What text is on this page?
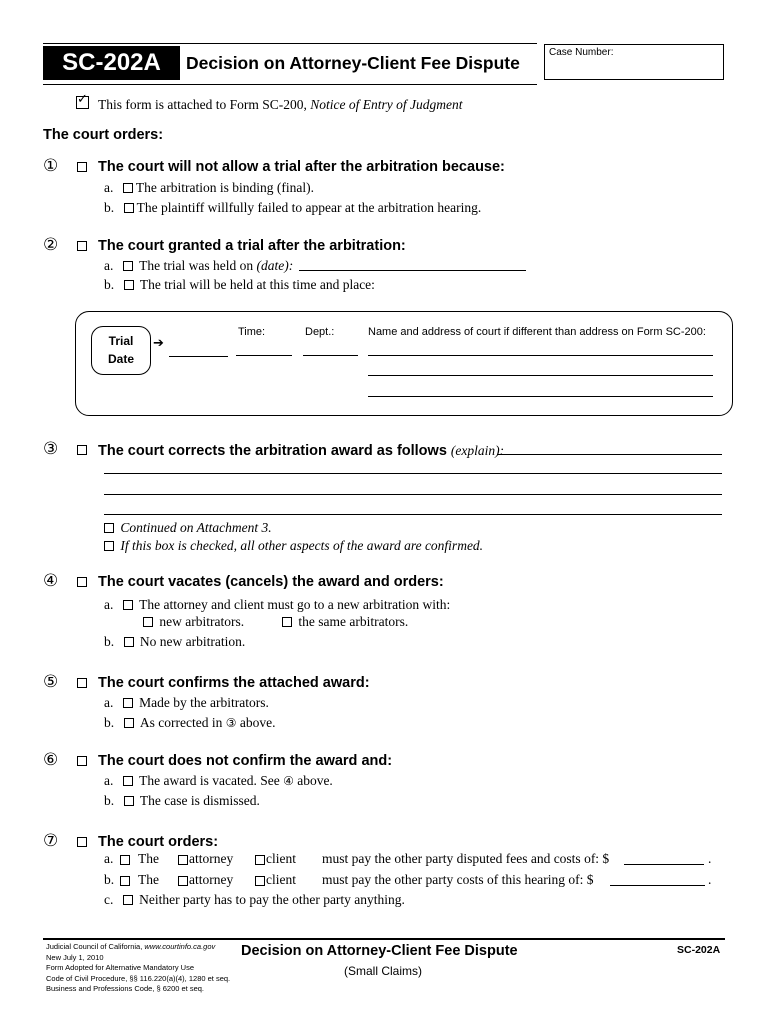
SC-202A	Decision on Attorney-Client Fee Dispute
Case Number:
✓ This form is attached to Form SC-200, Notice of Entry of Judgment
The court orders:
①	The court will not allow a trial after the arbitration because:
a. The arbitration is binding (final).
b. The plaintiff willfully failed to appear at the arbitration hearing.
②	The court granted a trial after the arbitration:
a. The trial was held on (date):
b. The trial will be held at this time and place:
Trial
Date
➔
Time:	Dept.:	Name and address of court if different than address on Form SC-200:
③	The court corrects the arbitration award as follows (explain):
Continued on Attachment 3.
If this box is checked, all other aspects of the award are confirmed.
④	The court vacates (cancels) the award and orders:
a. The attorney and client must go to a new arbitration with:
new arbitrators.	the same arbitrators.
b. No new arbitration.
⑤	The court confirms the attached award:
a. Made by the arbitrators.
b. As corrected in ③ above.
⑥	The court does not confirm the award and:
a. The award is vacated. See ④ above.
b. The case is dismissed.
⑦	The court orders:
a. The attorney client must pay the other party disputed fees and costs of: $	.
b. The attorney client must pay the other party costs of this hearing of: $	.
c. Neither party has to pay the other party anything.
Judicial Council of California, www.courtinfo.ca.gov
New July 1, 2010
Form Adopted for Alternative Mandatory Use
Code of Civil Procedure, §§ 116.220(a)(4), 1280 et seq.
Business and Professions Code, § 6200 et seq.
Decision on Attorney-Client Fee Dispute
(Small Claims)
SC-202A
